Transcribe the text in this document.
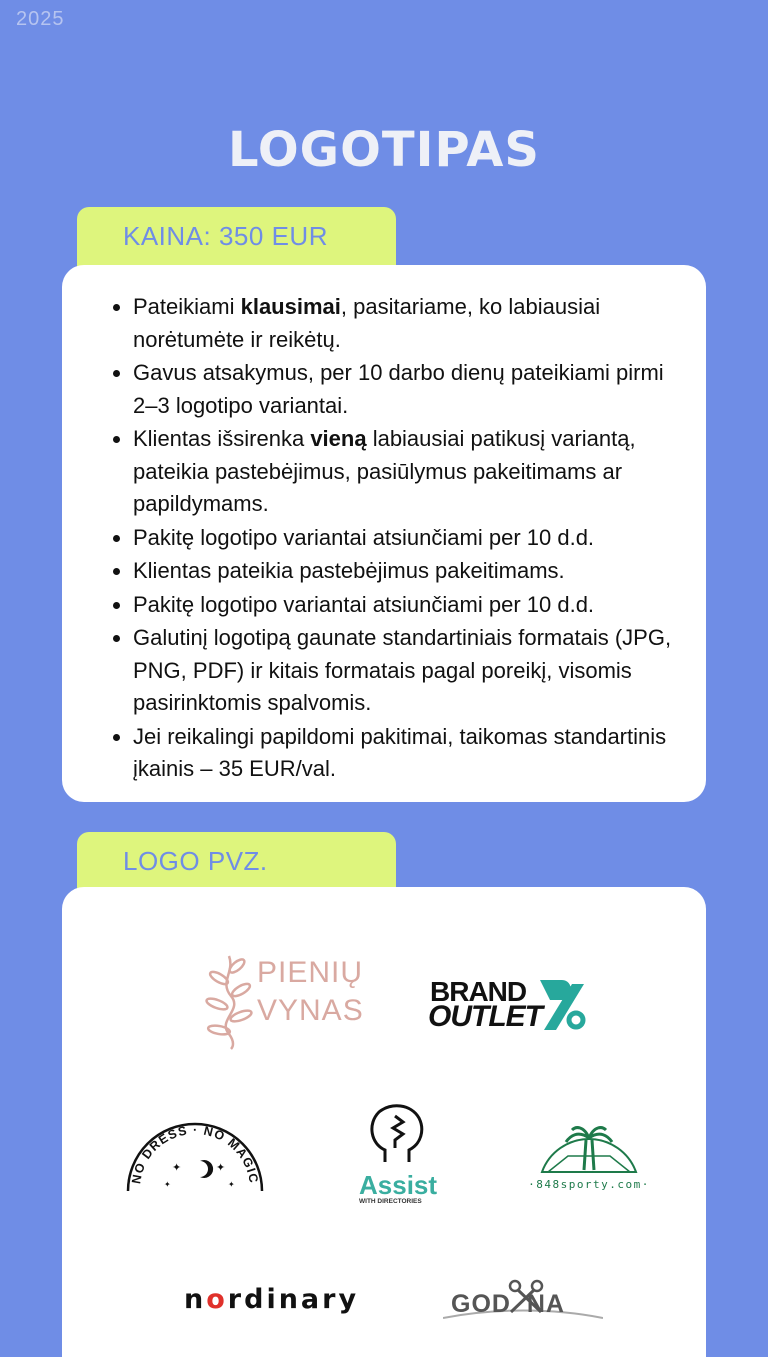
2025
LOGOTIPAS
KAINA: 350 EUR
• Pateikiami klausimai, pasitariame, ko labiausiai norėtumėte ir reikėtų.
• Gavus atsakymus, per 10 darbo dienų pateikiami pirmi 2–3 logotipo variantai.
• Klientas išsirenka vieną labiausiai patikusį variantą, pateikia pastebėjimus, pasiūlymus pakeitimams ar papildymams.
• Pakitę logotipo variantai atsiunčiami per 10 d.d.
• Klientas pateikia pastebėjimus pakeitimams.
• Pakitę logotipo variantai atsiunčiami per 10 d.d.
• Galutinį logotipą gaunate standartiniais formatais (JPG, PNG, PDF) ir kitais formatais pagal poreikį, visomis pasirinktomis spalvomis.
• Jei reikalingi papildomi pakitimai, taikomas standartinis įkainis – 35 EUR/val.
LOGO PVZ.
PIENIŲ
VYNAS
BRAND
OUTLET
NO DRESS · NO MAGIC
✦	✦
✦	✦	Assist
WITH DIRECTORIES
·848sporty.com·
nordinary	GOD  NA
